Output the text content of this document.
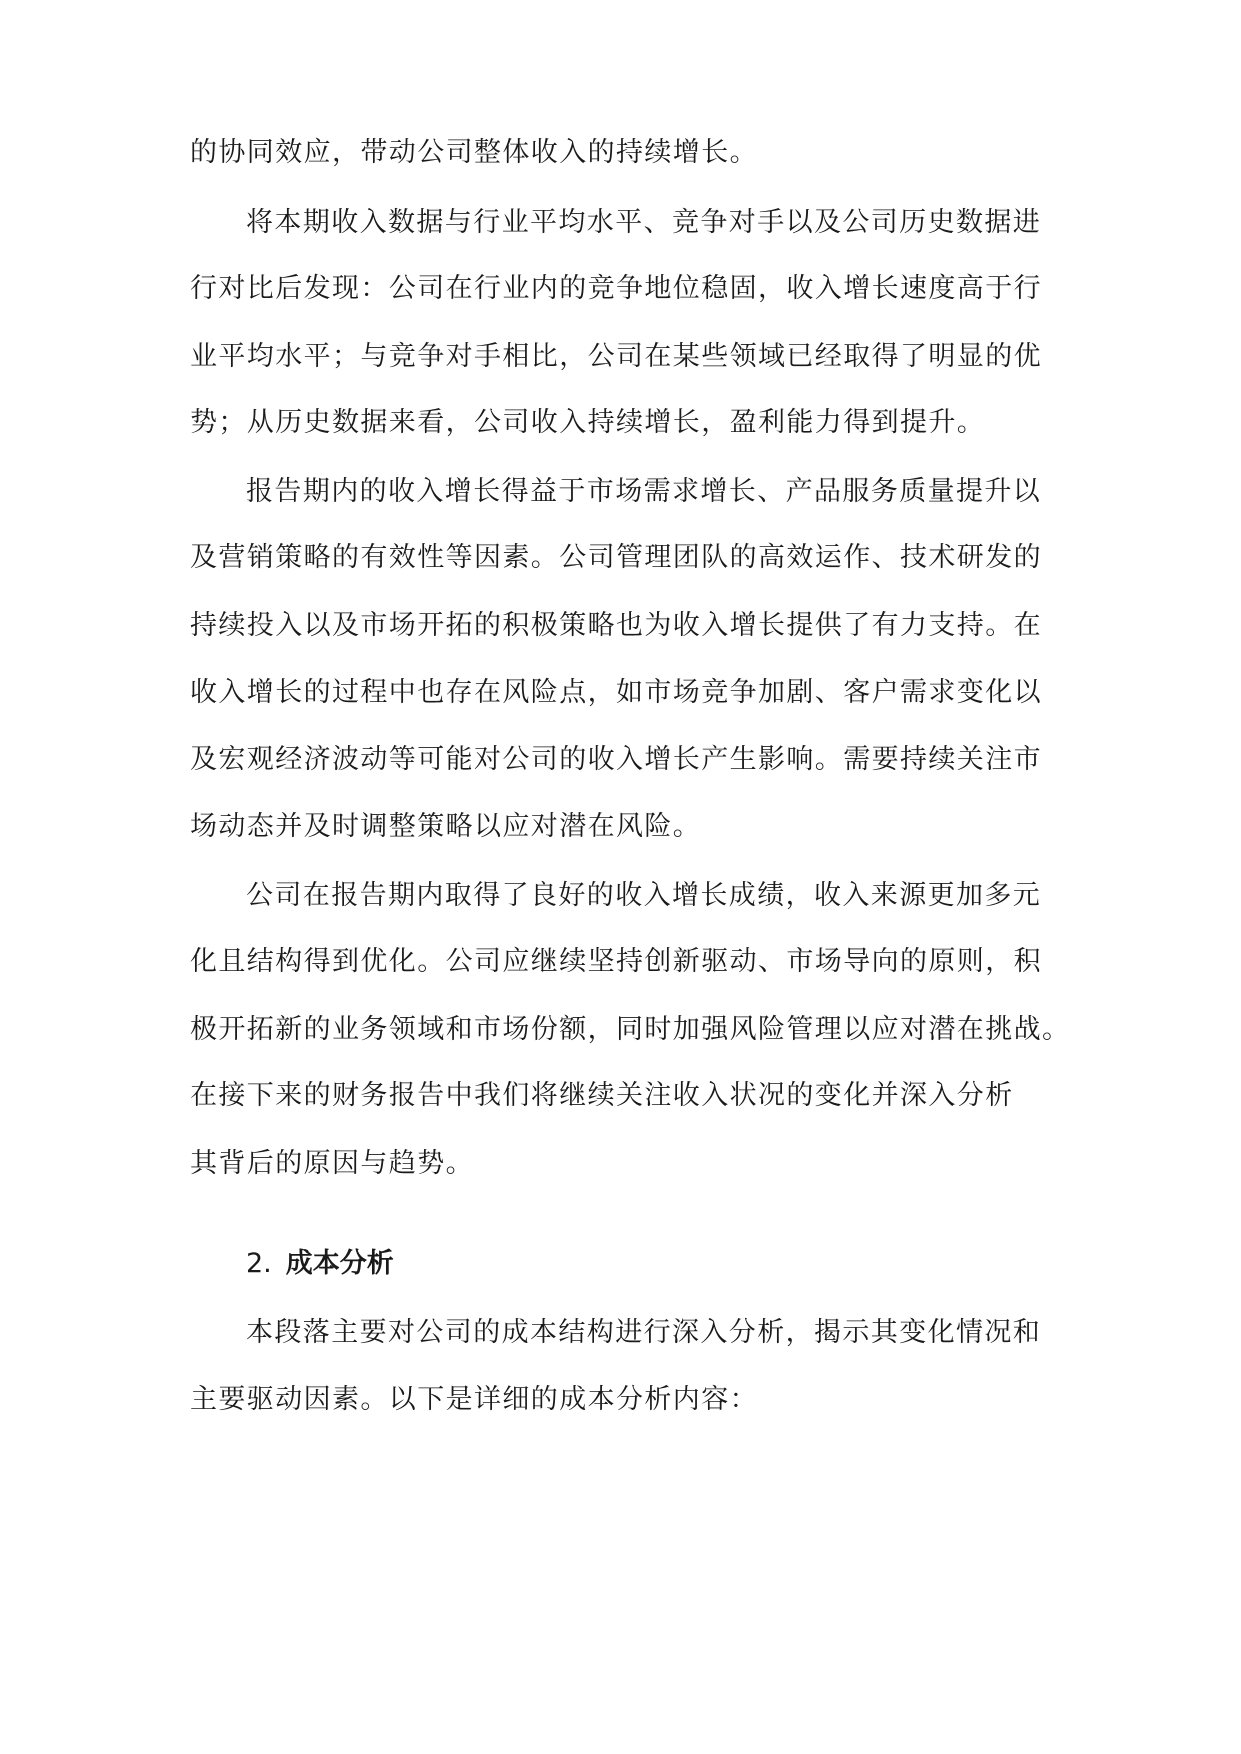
的协同效应，带动公司整体收入的持续增长。
将本期收入数据与行业平均水平、竞争对手以及公司历史数据进
行对比后发现：公司在行业内的竞争地位稳固，收入增长速度高于行
业平均水平；与竞争对手相比，公司在某些领域已经取得了明显的优
势；从历史数据来看，公司收入持续增长，盈利能力得到提升。
报告期内的收入增长得益于市场需求增长、产品服务质量提升以
及营销策略的有效性等因素。公司管理团队的高效运作、技术研发的
持续投入以及市场开拓的积极策略也为收入增长提供了有力支持。在
收入增长的过程中也存在风险点，如市场竞争加剧、客户需求变化以
及宏观经济波动等可能对公司的收入增长产生影响。需要持续关注市
场动态并及时调整策略以应对潜在风险。
公司在报告期内取得了良好的收入增长成绩，收入来源更加多元
化且结构得到优化。公司应继续坚持创新驱动、市场导向的原则，积
极开拓新的业务领域和市场份额，同时加强风险管理以应对潜在挑战。
在接下来的财务报告中我们将继续关注收入状况的变化并深入分析
其背后的原因与趋势。
2. 成本分析
本段落主要对公司的成本结构进行深入分析，揭示其变化情况和
主要驱动因素。以下是详细的成本分析内容：
